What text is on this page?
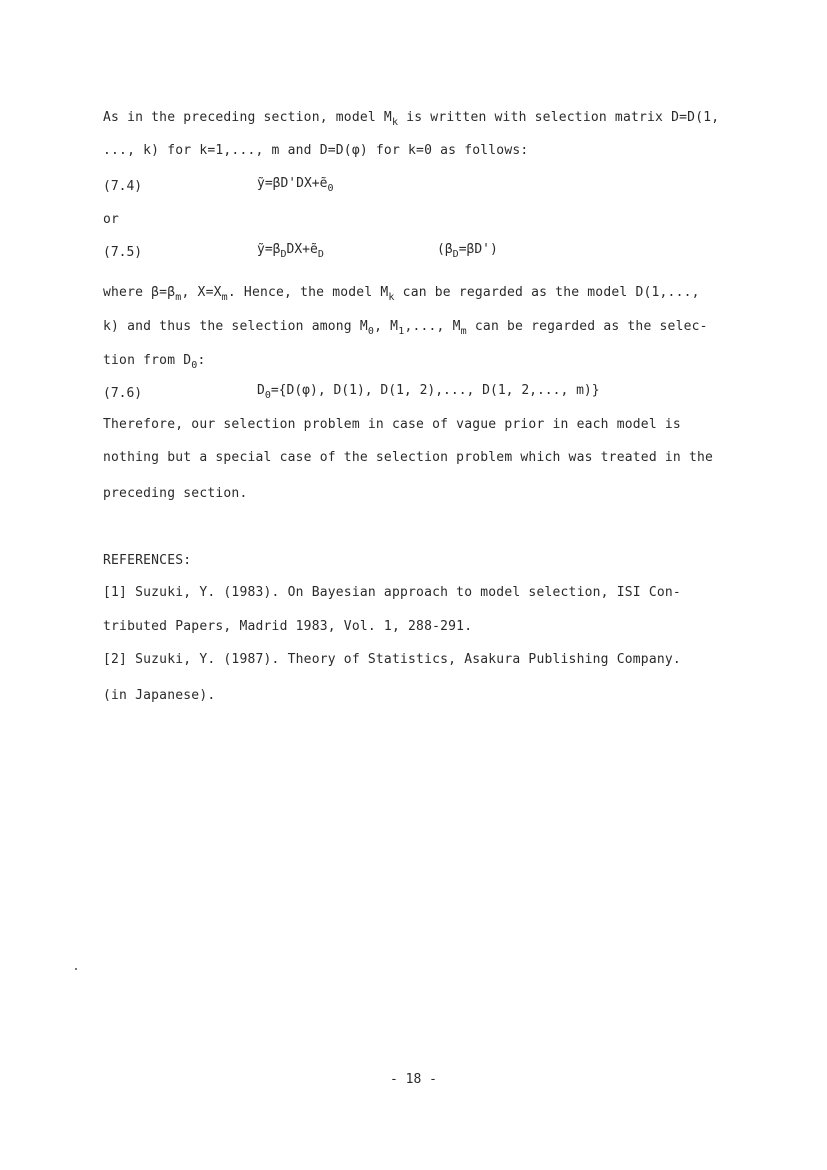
As in the preceding section, model $M_k$ is written with selection matrix D=D(1,

..., k) for k=1,..., m and D=D(φ) for k=0 as follows:

(7.4)	ỹ=βD'DX+ẽ$_0$

or

(7.5)	$ỹ=\beta_DDX+ẽ_D$	$(\beta_D=\beta D')$

where $\beta=\beta_m$, $X=X_m$. Hence, the model $M_k$ can be regarded as the model D(1,...,

k) and thus the selection among $M_0$, $M_1$,..., $M_m$ can be regarded as the selec-

tion from $D_0$:

(7.6)	$D_0=\{D(\varphi)$, D(1), D(1, 2),..., D(1, 2,..., m)}

Therefore, our selection problem in case of vague prior in each model is

nothing but a special case of the selection problem which was treated in the

preceding section.

REFERENCES:

[1] Suzuki, Y. (1983). On Bayesian approach to model selection, ISI Con-

tributed Papers, Madrid 1983, Vol. 1, 288-291.

[2] Suzuki, Y. (1987). Theory of Statistics, Asakura Publishing Company.

(in Japanese).

- 18 -
